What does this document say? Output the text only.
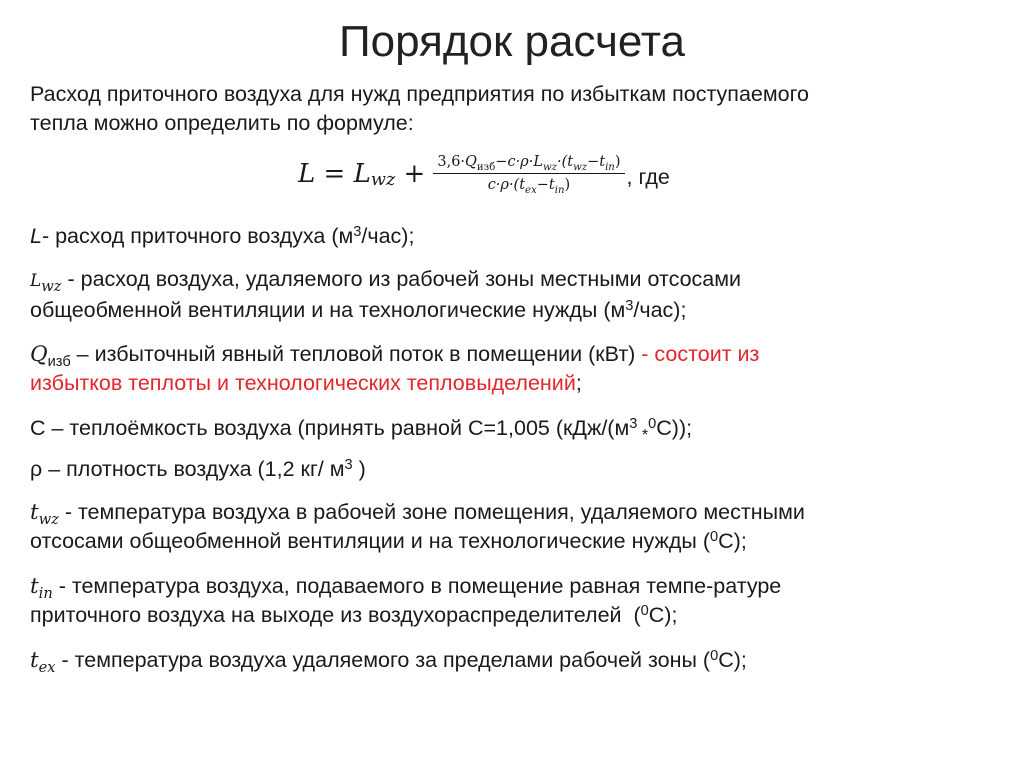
Порядок расчета
Расход приточного воздуха для нужд предприятия по избыткам поступаемого
тепла можно определить по формуле:
L = L wz + $\frac{3,6\cdot Q_{изб}-c\cdot\rho\cdot L_{wz}\cdot(t_{wz}-t_{in})}{c\cdot\rho\cdot(t_{ex}-t_{in})}$ , где
L- расход приточного воздуха $(м^3/час)$;
$L_{wz}$ - расход воздуха, удаляемого из рабочей зоны местными отсосами
общеобменной вентиляции и на технологические нужды $(м^3/час)$;
$Q_{изб}$ – избыточный явный тепловой поток в помещении (кВт) - состоит из
избытков теплоты и технологических тепловыделений;
С – теплоёмкость воздуха (принять равной С=1,005 ($кДж/(м^3$ $_*^0$С));
ρ – плотность воздуха (1,2 кг/ $м^3$ )
$t_{wz}$ - температура воздуха в рабочей зоне помещения, удаляемого местными
отсосами общеобменной вентиляции и на технологические нужды ($^0$С);
$t_{in}$ - температура воздуха, подаваемого в помещение равная темпе-ратуре
приточного воздуха на выходе из воздухораспределителей  ($^0$С);
$t_{ex}$ - температура воздуха удаляемого за пределами рабочей зоны ($^0$С);
